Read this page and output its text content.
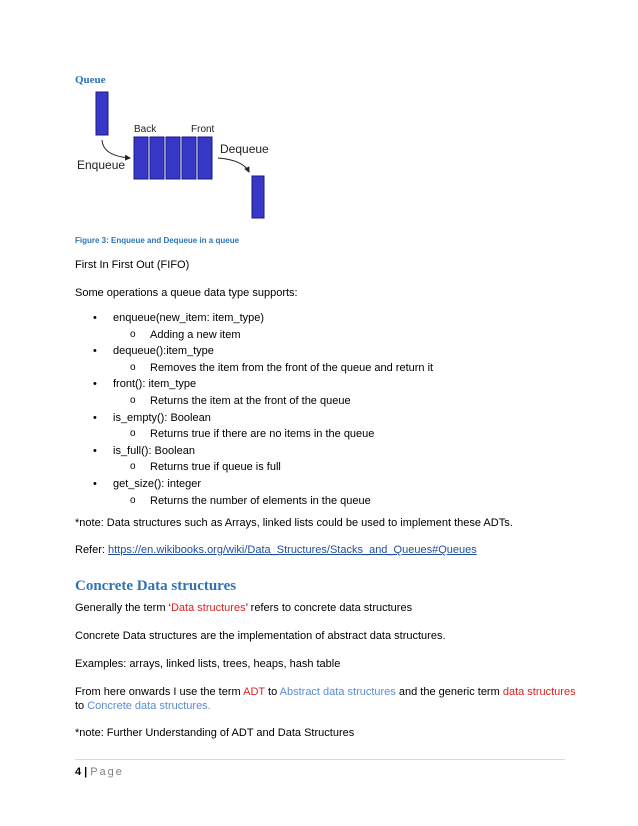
Queue
Back	Front
Enqueue
Dequeue
Figure 3: Enqueue and Dequeue in a queue
First In First Out (FIFO)
Some operations a queue data type supports:
• enqueue(new_item: item_type)
o Adding a new item
• dequeue():item_type
o Removes the item from the front of the queue and return it
• front(): item_type
o Returns the item at the front of the queue
• is_empty(): Boolean
o Returns true if there are no items in the queue
• is_full(): Boolean
o Returns true if queue is full
• get_size(): integer
o Returns the number of elements in the queue
*note: Data structures such as Arrays, linked lists could be used to implement these ADTs.
Refer: https://en.wikibooks.org/wiki/Data_Structures/Stacks_and_Queues#Queues
Concrete Data structures
Generally the term ‘Data structures’ refers to concrete data structures
Concrete Data structures are the implementation of abstract data structures.
Examples: arrays, linked lists, trees, heaps, hash table
From here onwards I use the term ADT to Abstract data structures and the generic term data structures
to Concrete data structures.
*note: Further Understanding of ADT and Data Structures
4 | Page
